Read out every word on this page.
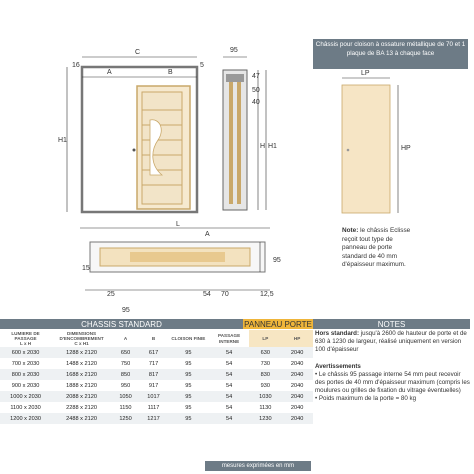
16
A
C
B
5
H1
95
47
50
40
H H1
LP
HP
L
A
15
95
54
25	70	12,5
95
Châssis pour cloison à ossature métallique de 70 et 1 plaque de BA 13 à chaque face
Note: le châssis Eclisse reçoit tout type de panneau de porte standard de 40 mm d'épaisseur maximum.
CHASSIS STANDARD	PANNEAU PORTE	NOTES
LUMIERE DE PASSAGE
L x H	DIMENSIONS D'ENCOMBREMENT
C x H1	A	B	CLOISON FINIE	PASSAGE INTERNE	LP	HP
600 x 2030	1288 x 2120	650	617	95	54	630	2040
700 x 2030	1488 x 2120	750	717	95	54	730	2040
800 x 2030	1688 x 2120	850	817	95	54	830	2040
900 x 2030	1888 x 2120	950	917	95	54	930	2040
1000 x 2030	2088 x 2120	1050	1017	95	54	1030	2040
1100 x 2030	2288 x 2120	1150	1117	95	54	1130	2040
1200 x 2030	2488 x 2120	1250	1217	95	54	1230	2040
Hors standard: jusqu'à 2600 de hauteur de porte et de 630 à 1230 de largeur, réalisé uniquement en version 100 d'épaisseur
Avertissements
• Le châssis 95 passage interne 54 mm peut recevoir des portes de 40 mm d'épaisseur maximum (compris les moulures ou grilles de fixation du vitrage éventuelles)
• Poids maximum de la porte = 80 kg
mesures exprimées en mm
